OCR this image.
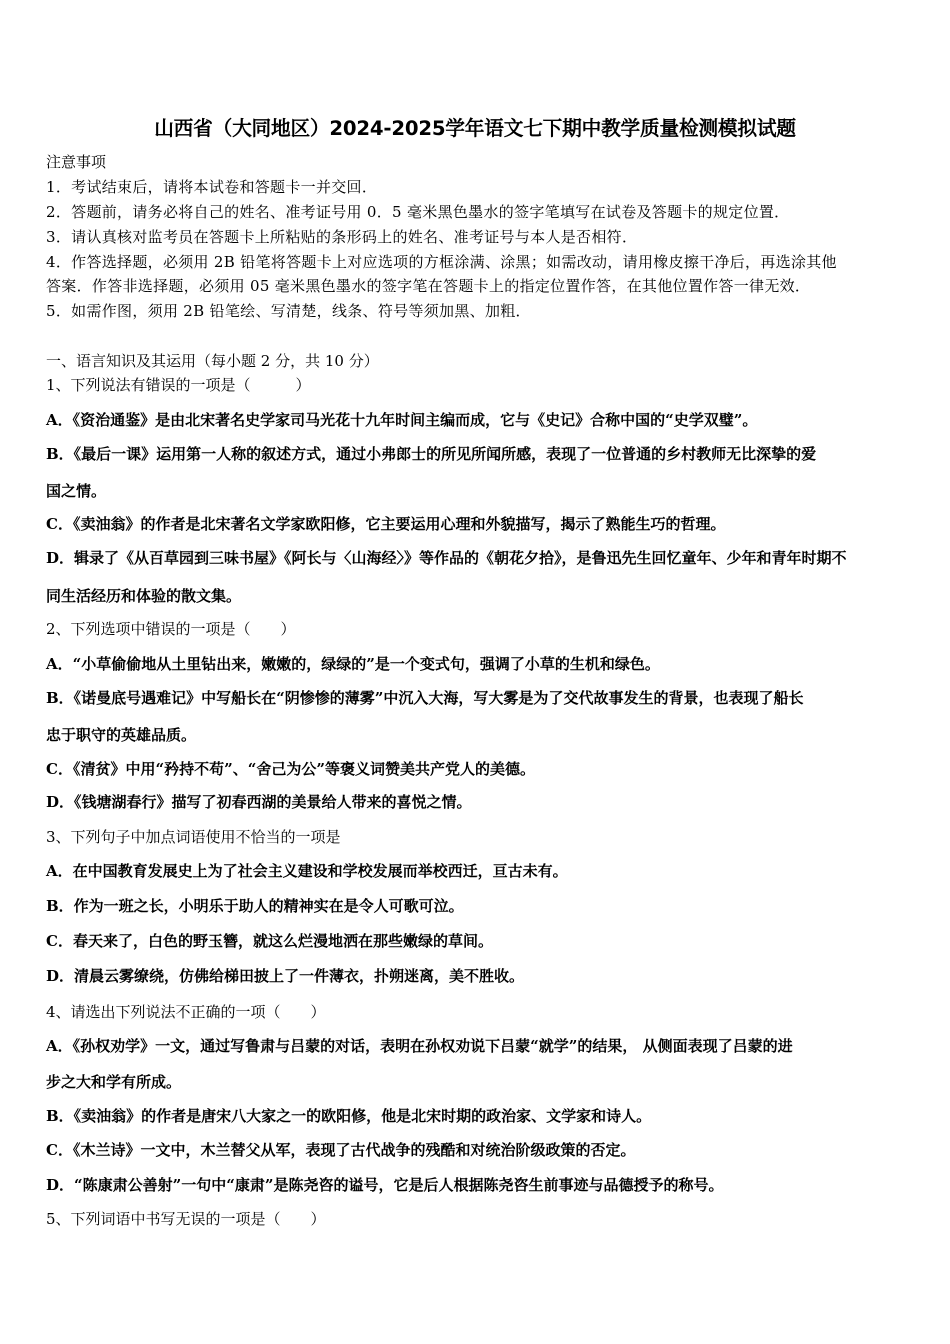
山西省（大同地区）2024-2025学年语文七下期中教学质量检测模拟试题
注意事项
1．考试结束后，请将本试卷和答题卡一并交回．
2．答题前，请务必将自己的姓名、准考证号用 0．5 毫米黑色墨水的签字笔填写在试卷及答题卡的规定位置．
3．请认真核对监考员在答题卡上所粘贴的条形码上的姓名、准考证号与本人是否相符．
4．作答选择题，必须用 2B 铅笔将答题卡上对应选项的方框涂满、涂黑；如需改动，请用橡皮擦干净后，再选涂其他
答案．作答非选择题，必须用 05 毫米黑色墨水的签字笔在答题卡上的指定位置作答，在其他位置作答一律无效．
5．如需作图，须用 2B 铅笔绘、写清楚，线条、符号等须加黑、加粗．
一、语言知识及其运用（每小题 2 分，共 10 分）
1、下列说法有错误的一项是（　　　）
A．《资治通鉴》是由北宋著名史学家司马光花十九年时间主编而成，它与《史记》合称中国的“史学双璧”。
B．《最后一课》运用第一人称的叙述方式，通过小弗郎士的所见所闻所感，表现了一位普通的乡村教师无比深挚的爱
国之情。
C．《卖油翁》的作者是北宋著名文学家欧阳修，它主要运用心理和外貌描写，揭示了熟能生巧的哲理。
D．辑录了《从百草园到三味书屋》《阿长与〈山海经〉》等作品的《朝花夕拾》，是鲁迅先生回忆童年、少年和青年时期不
同生活经历和体验的散文集。
2、下列选项中错误的一项是（　　）
A．“小草偷偷地从土里钻出来，嫩嫩的，绿绿的”是一个变式句，强调了小草的生机和绿色。
B．《诺曼底号遇难记》中写船长在“阴惨惨的薄雾”中沉入大海，写大雾是为了交代故事发生的背景，也表现了船长
忠于职守的英雄品质。
C．《清贫》中用“矜持不苟”、“舍己为公”等褒义词赞美共产党人的美德。
D．《钱塘湖春行》描写了初春西湖的美景给人带来的喜悦之情。
3、下列句子中加点词语使用不恰当的一项是
A．在中国教育发展史上为了社会主义建设和学校发展而举校西迁，亘古未有。
B．作为一班之长，小明乐于助人的精神实在是令人可歌可泣。
C．春天来了，白色的野玉簪，就这么烂漫地洒在那些嫩绿的草间。
D．清晨云雾缭绕，仿佛给梯田披上了一件薄衣，扑朔迷离，美不胜收。
4、请选出下列说法不正确的一项（　　）
A．《孙权劝学》一文，通过写鲁肃与吕蒙的对话，表明在孙权劝说下吕蒙“就学”的结果， 从侧面表现了吕蒙的进
步之大和学有所成。
B．《卖油翁》的作者是唐宋八大家之一的欧阳修，他是北宋时期的政治家、文学家和诗人。
C．《木兰诗》一文中，木兰替父从军，表现了古代战争的残酷和对统治阶级政策的否定。
D．“陈康肃公善射”一句中“康肃”是陈尧咨的谥号，它是后人根据陈尧咨生前事迹与品德授予的称号。
5、下列词语中书写无误的一项是（　　）
